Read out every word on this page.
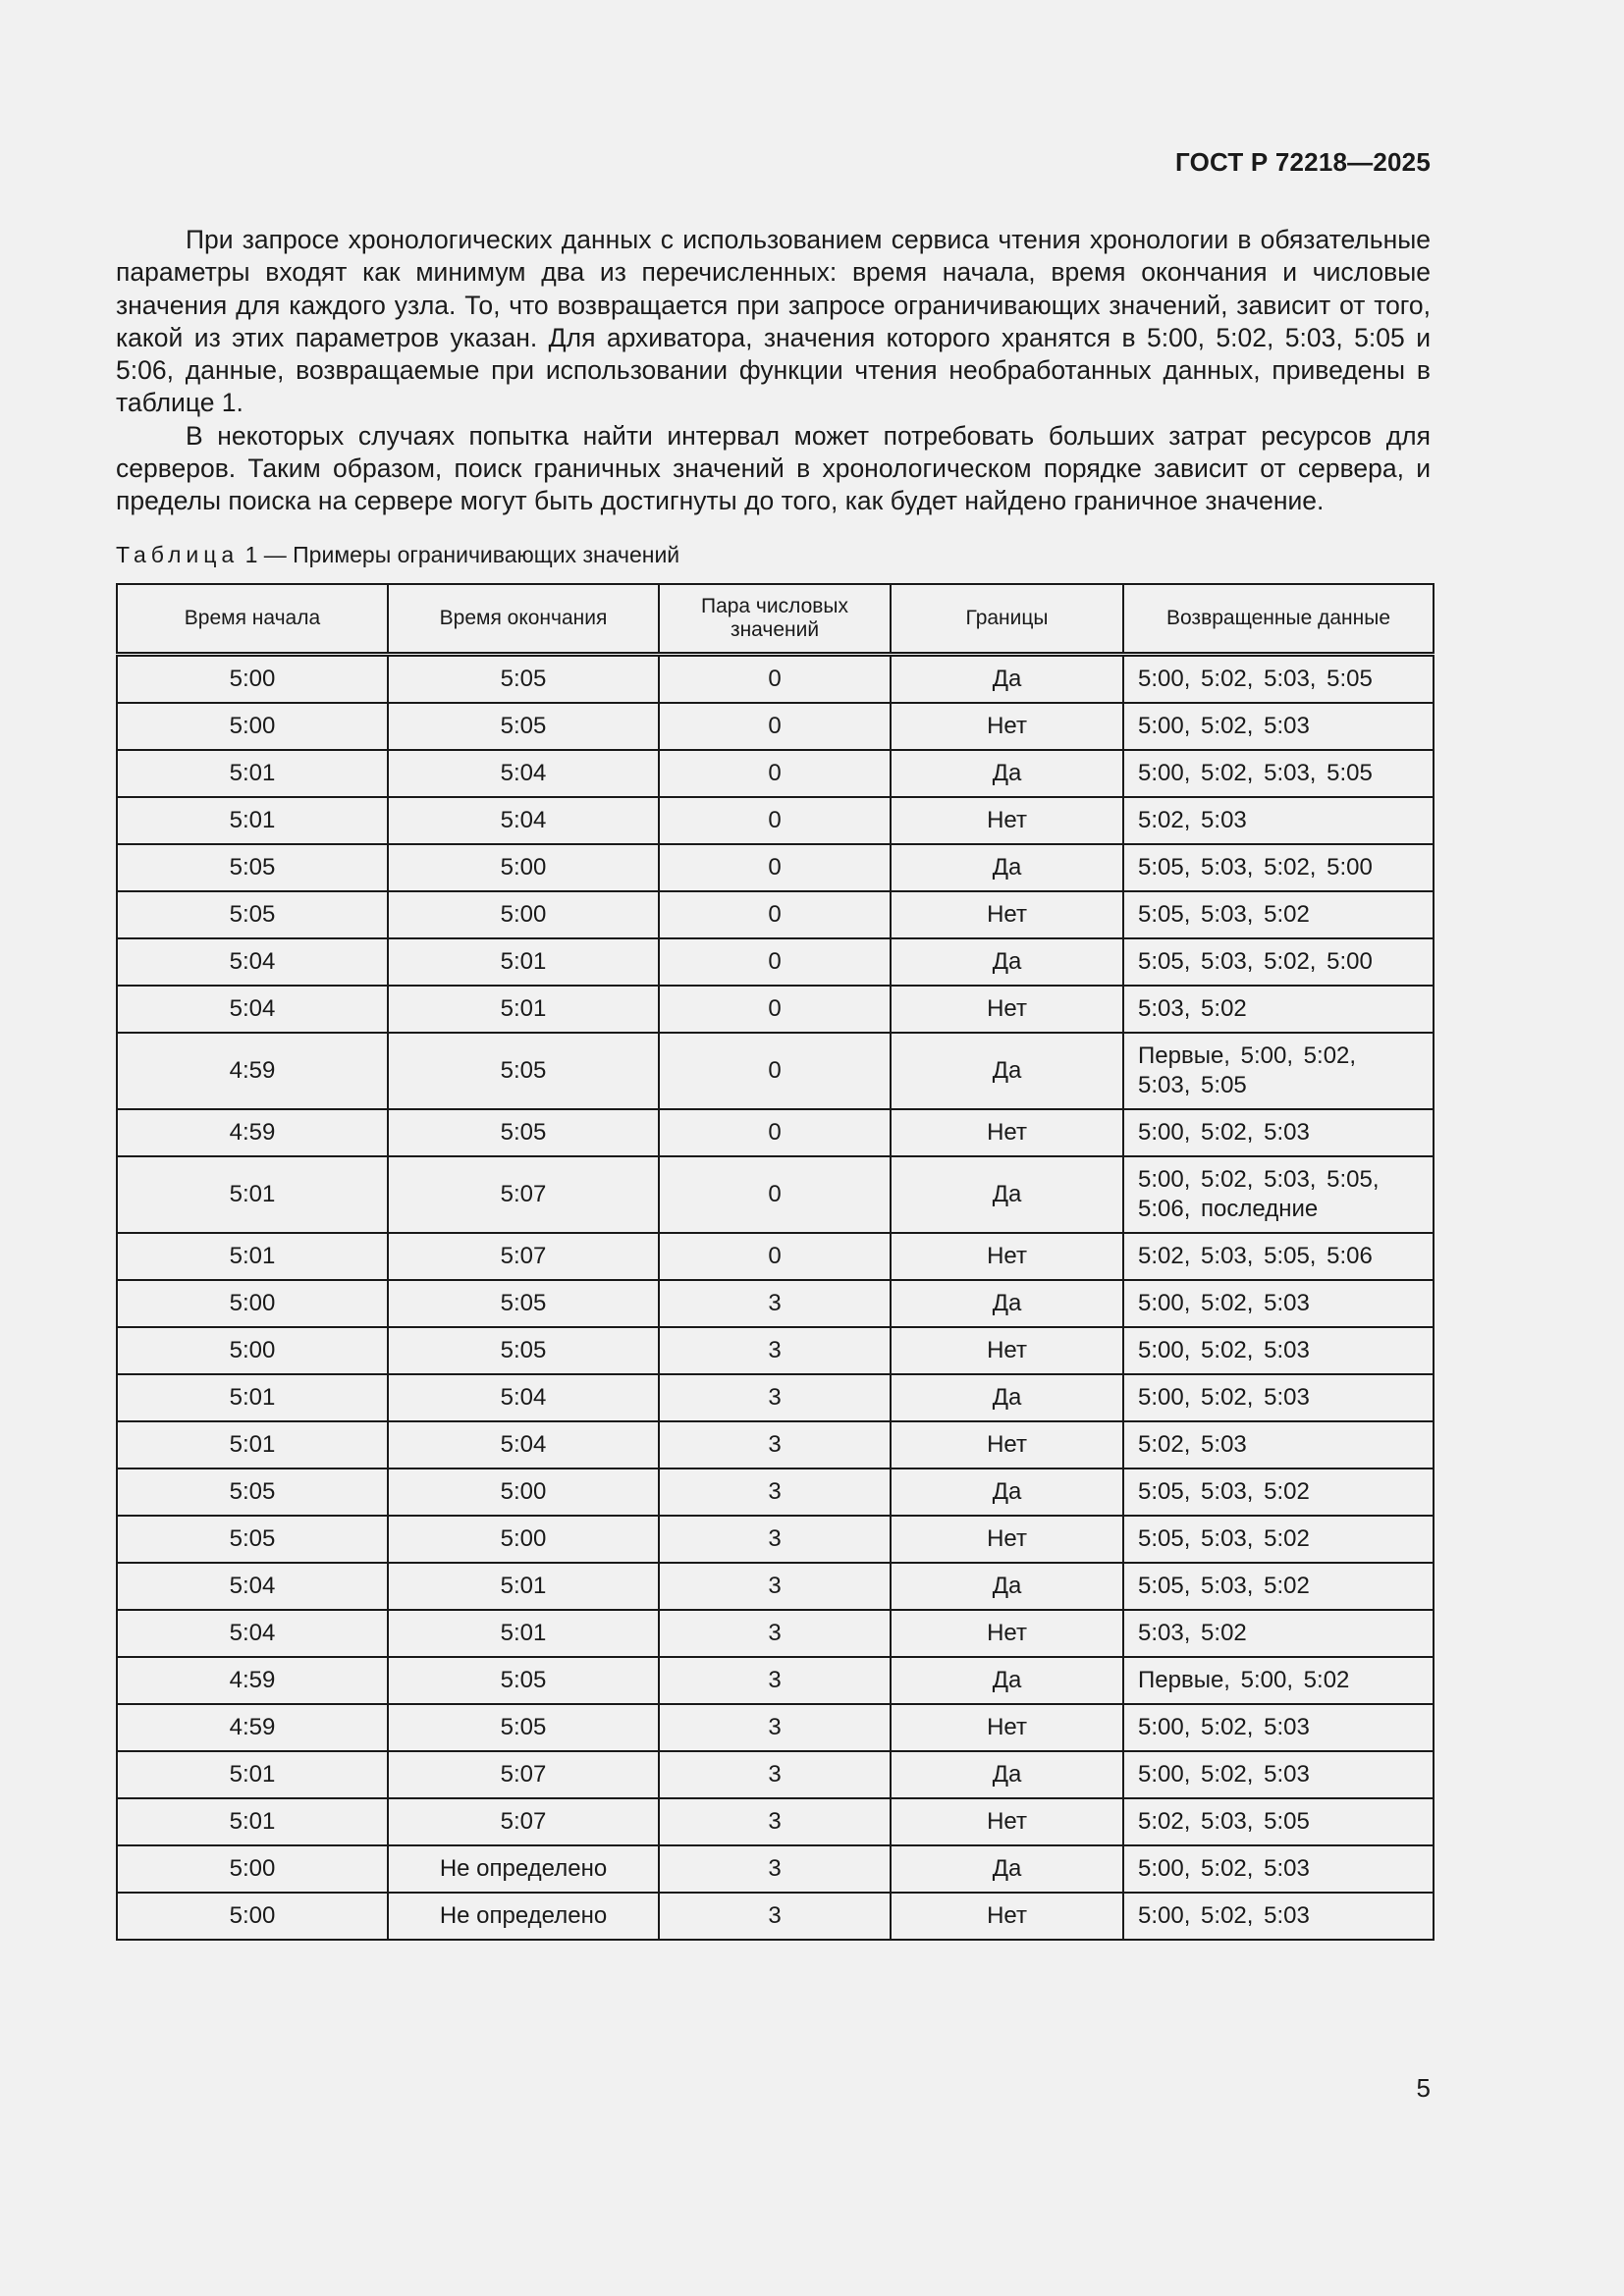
ГОСТ Р 72218—2025

При запросе хронологических данных с использованием сервиса чтения хронологии в обязательные параметры входят как минимум два из перечисленных: время начала, время окончания и числовые значения для каждого узла. То, что возвращается при запросе ограничивающих значений, зависит от того, какой из этих параметров указан. Для архиватора, значения которого хранятся в 5:00, 5:02, 5:03, 5:05 и 5:06, данные, возвращаемые при использовании функции чтения необработанных данных, приведены в таблице 1.

В некоторых случаях попытка найти интервал может потребовать больших затрат ресурсов для серверов. Таким образом, поиск граничных значений в хронологическом порядке зависит от сервера, и пределы поиска на сервере могут быть достигнуты до того, как будет найдено граничное значение.

Таблица 1 — Примеры ограничивающих значений
Время начала	Время окончания	Пара числовых значений	Границы	Возвращенные данные
5:00	5:05	0	Да	5:00, 5:02, 5:03, 5:05
5:00	5:05	0	Нет	5:00, 5:02, 5:03
5:01	5:04	0	Да	5:00, 5:02, 5:03, 5:05
5:01	5:04	0	Нет	5:02, 5:03
5:05	5:00	0	Да	5:05, 5:03, 5:02, 5:00
5:05	5:00	0	Нет	5:05, 5:03, 5:02
5:04	5:01	0	Да	5:05, 5:03, 5:02, 5:00
5:04	5:01	0	Нет	5:03, 5:02
4:59	5:05	0	Да	Первые, 5:00, 5:02, 5:03, 5:05
4:59	5:05	0	Нет	5:00, 5:02, 5:03
5:01	5:07	0	Да	5:00, 5:02, 5:03, 5:05, 5:06, последние
5:01	5:07	0	Нет	5:02, 5:03, 5:05, 5:06
5:00	5:05	3	Да	5:00, 5:02, 5:03
5:00	5:05	3	Нет	5:00, 5:02, 5:03
5:01	5:04	3	Да	5:00, 5:02, 5:03
5:01	5:04	3	Нет	5:02, 5:03
5:05	5:00	3	Да	5:05, 5:03, 5:02
5:05	5:00	3	Нет	5:05, 5:03, 5:02
5:04	5:01	3	Да	5:05, 5:03, 5:02
5:04	5:01	3	Нет	5:03, 5:02
4:59	5:05	3	Да	Первые, 5:00, 5:02
4:59	5:05	3	Нет	5:00, 5:02, 5:03
5:01	5:07	3	Да	5:00, 5:02, 5:03
5:01	5:07	3	Нет	5:02, 5:03, 5:05
5:00	Не определено	3	Да	5:00, 5:02, 5:03
5:00	Не определено	3	Нет	5:00, 5:02, 5:03
5
